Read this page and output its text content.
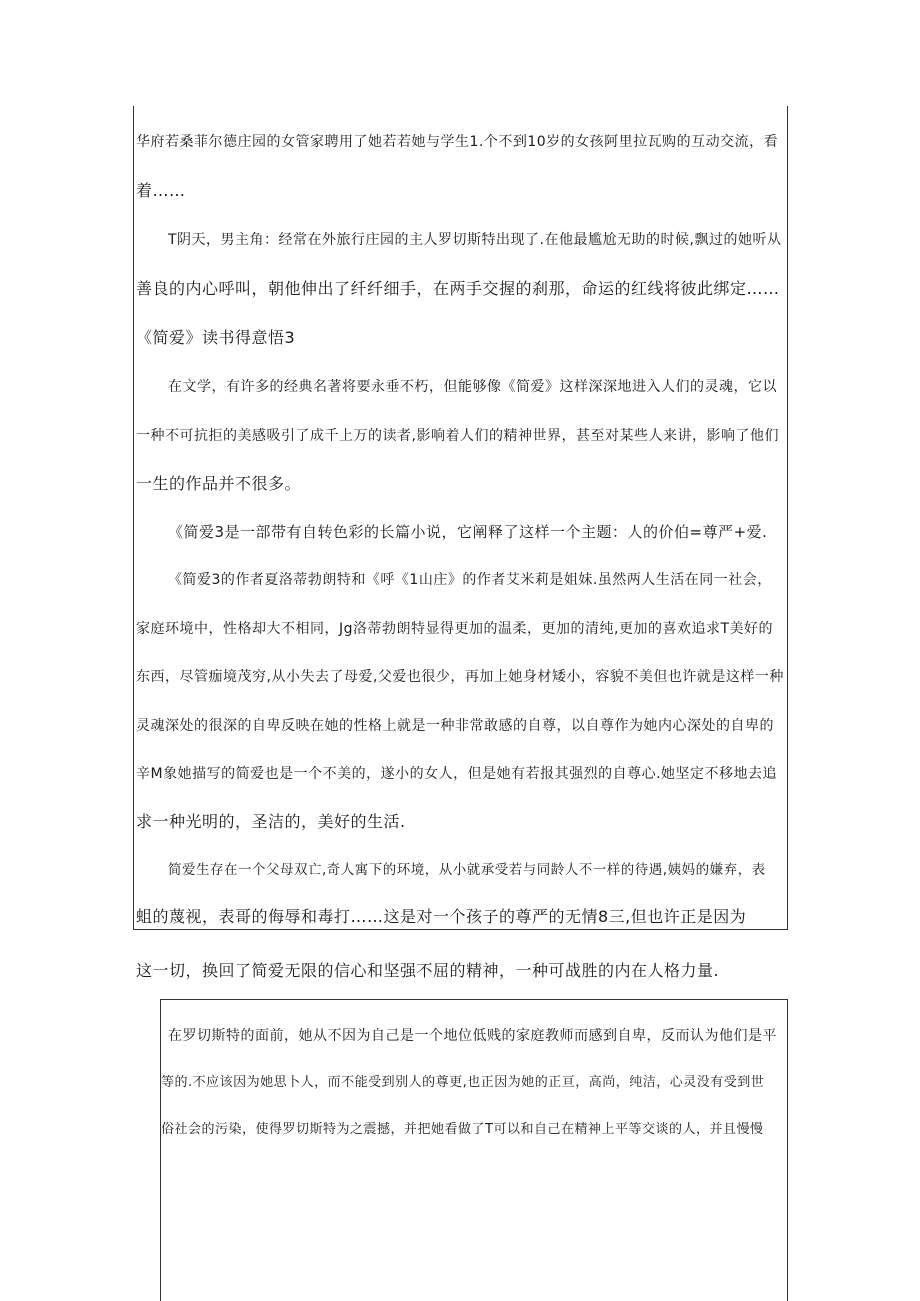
华府若桑菲尔德庄园的女管家聘用了她若若她与学生1.个不到10岁的女孩阿里拉瓦购的互动交流，看
着……
T阴天，男主角：经常在外旅行庄园的主人罗切斯特出现了.在他最尴尬无助的时候,飘过的她听从
善良的内心呼叫，朝他伸出了纤纤细手，在两手交握的刹那，命运的红线将彼此绑定……
《简爱》读书得意悟3
在文学，有许多的经典名著将要永垂不朽，但能够像《简爱》这样深深地进入人们的灵魂，它以
一种不可抗拒的美感吸引了成千上万的读者,影响着人们的精神世界，甚至对某些人来讲，影响了他们
一生的作品并不很多。
《简爱3是一部带有自转色彩的长篇小说，它阐释了这样一个主题：人的价伯=尊严+爱.
《简爱3的作者夏洛蒂勃朗特和《呼《1山庄》的作者艾米莉是姐妹.虽然两人生活在同一社会，
家庭环境中，性格却大不相同，Jg洛蒂勃朗特显得更加的温柔，更加的清纯,更加的喜欢追求T美好的
东西，尽管痂境茂穷,从小失去了母爱,父爱也很少，再加上她身材矮小，容貌不美但也许就是这样一种
灵魂深处的很深的自卑反映在她的性格上就是一种非常敢感的自尊，以自尊作为她内心深处的自卑的
辛M象她描写的简爱也是一个不美的，遂小的女人，但是她有若报其强烈的自尊心.她坚定不移地去追
求一种光明的，圣洁的，美好的生活.
简爱生存在一个父母双亡,奇人寓下的环境，从小就承受若与同龄人不一样的待遇,姨妈的嫌弃，表
蛆的蔑视，表哥的侮辱和毒打……这是对一个孩子的尊严的无情8三,但也许正是因为
这一切，换回了简爱无限的信心和坚强不屈的精神，一种可战胜的内在人格力量.
在罗切斯特的面前，她从不因为自己是一个地位低贱的家庭教师而感到自卑，反而认为他们是平
等的.不应该因为她思卜人，而不能受到别人的尊更,也正因为她的正亘，高尚，纯洁，心灵没有受到世
俗社会的污染，使得罗切斯特为之震撼，并把她看做了T可以和自己在精神上平等交谈的人，并且慢慢
